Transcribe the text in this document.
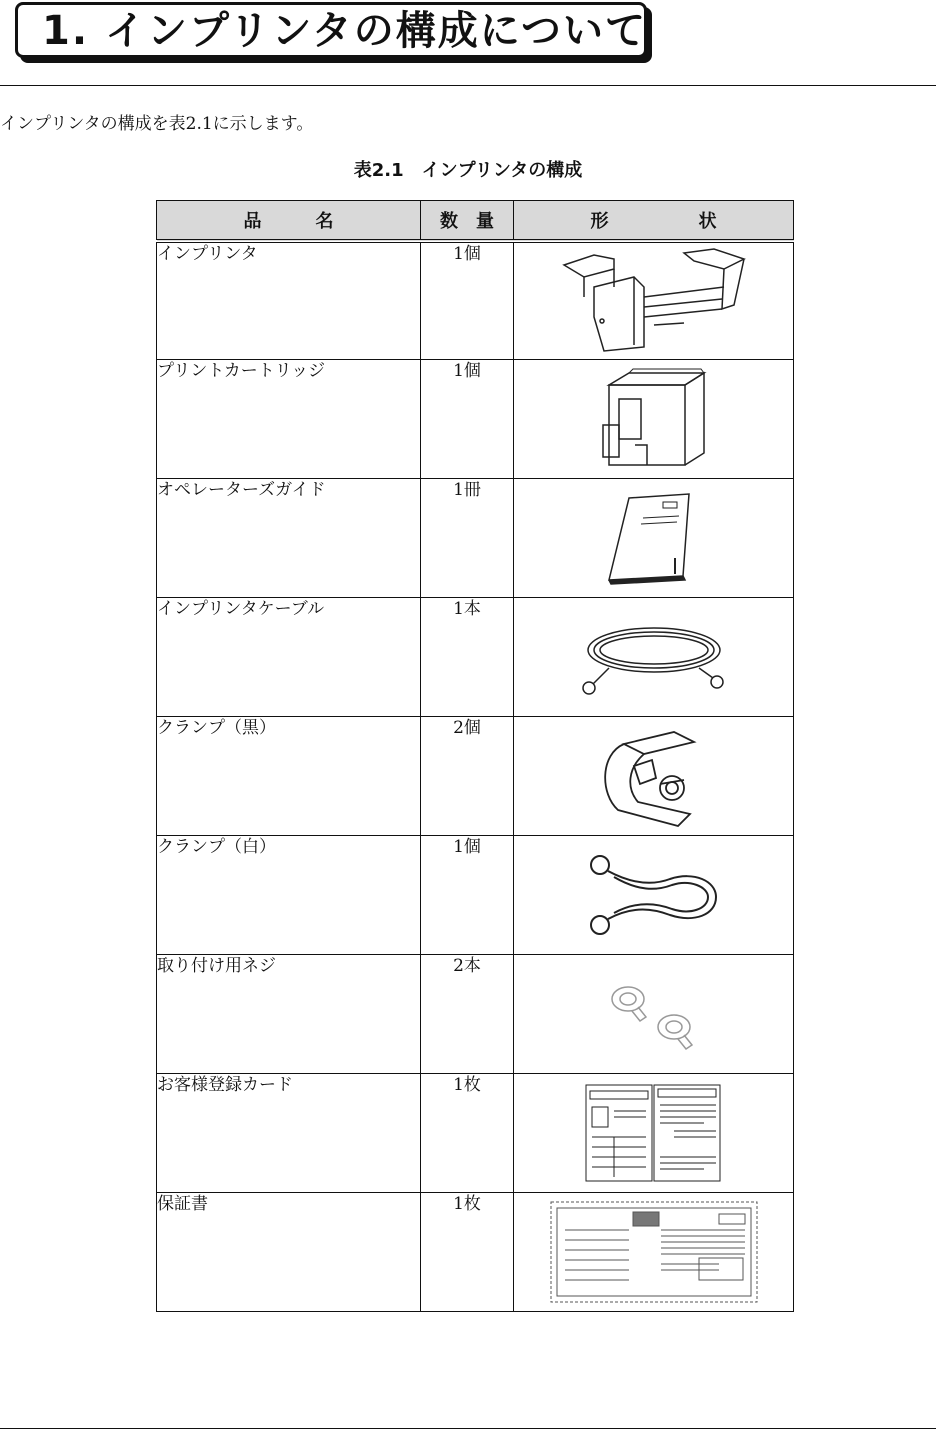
1. インプリンタの構成について
インプリンタの構成を表2.1に示します。
表2.1　インプリンタの構成
品　　　名	数　量	形　　　　　状
インプリンタ	1個	

プリントカートリッジ	1個	

オペレーターズガイド	1冊	

インプリンタケーブル	1本	

クランプ（黒）	2個	

クランプ（白）	1個	

取り付け用ネジ	2本	

お客様登録カード	1枚	

保証書	1枚	
